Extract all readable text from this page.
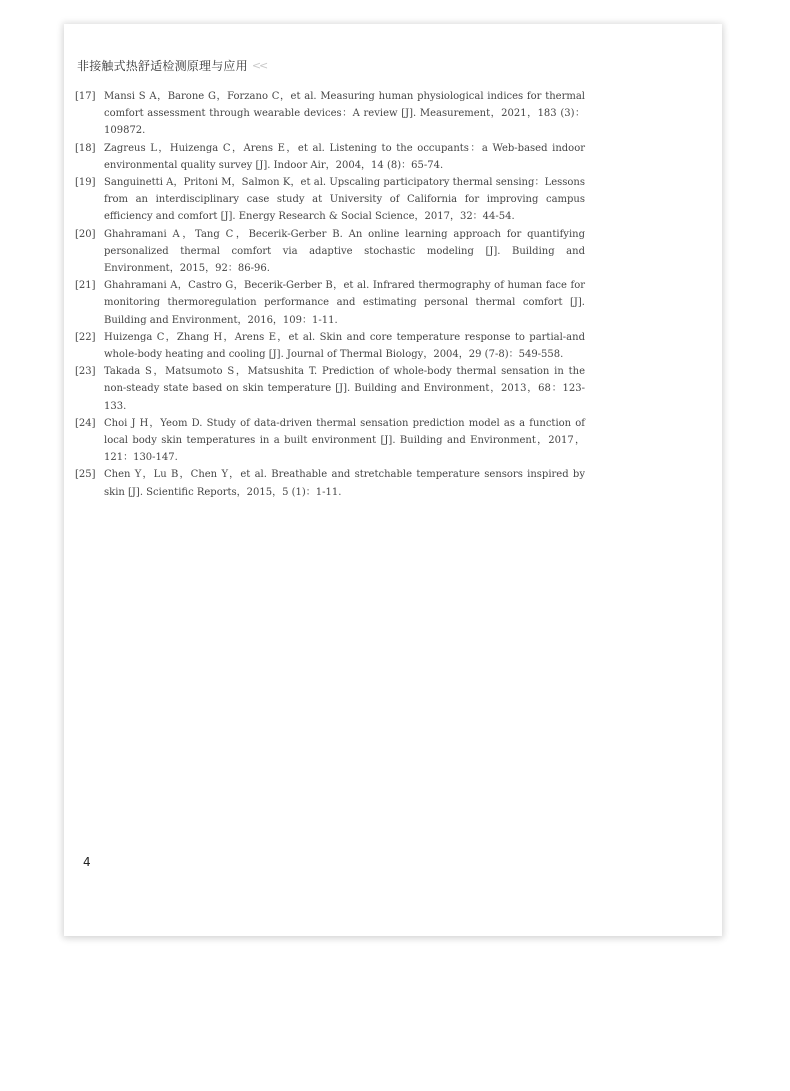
非接触式热舒适检测原理与应用 <<
[17] Mansi S A，Barone G，Forzano C，et al. Measuring human physiological indices for thermal comfort assessment through wearable devices：A review [J]. Measurement，2021，183 (3)：109872.
[18] Zagreus L，Huizenga C，Arens E，et al. Listening to the occupants：a Web-based indoor environmental quality survey [J]. Indoor Air，2004，14 (8)：65-74.
[19] Sanguinetti A，Pritoni M，Salmon K，et al. Upscaling participatory thermal sensing：Lessons from an interdisciplinary case study at University of California for improving campus efficiency and comfort [J]. Energy Research & Social Science，2017，32：44-54.
[20] Ghahramani A，Tang C，Becerik-Gerber B. An online learning approach for quantifying personalized thermal comfort via adaptive stochastic modeling [J]. Building and Environment，2015，92：86-96.
[21] Ghahramani A，Castro G，Becerik-Gerber B，et al. Infrared thermography of human face for monitoring thermoregulation performance and estimating personal thermal comfort [J]. Building and Environment，2016，109：1-11.
[22] Huizenga C，Zhang H，Arens E，et al. Skin and core temperature response to partial-and whole-body heating and cooling [J]. Journal of Thermal Biology，2004，29 (7-8)：549-558.
[23] Takada S，Matsumoto S，Matsushita T. Prediction of whole-body thermal sensation in the non-steady state based on skin temperature [J]. Building and Environment，2013，68：123-133.
[24] Choi J H，Yeom D. Study of data-driven thermal sensation prediction model as a function of local body skin temperatures in a built environment [J]. Building and Environment，2017，121：130-147.
[25] Chen Y，Lu B，Chen Y，et al. Breathable and stretchable temperature sensors inspired by skin [J]. Scientific Reports，2015，5 (1)：1-11.
4
